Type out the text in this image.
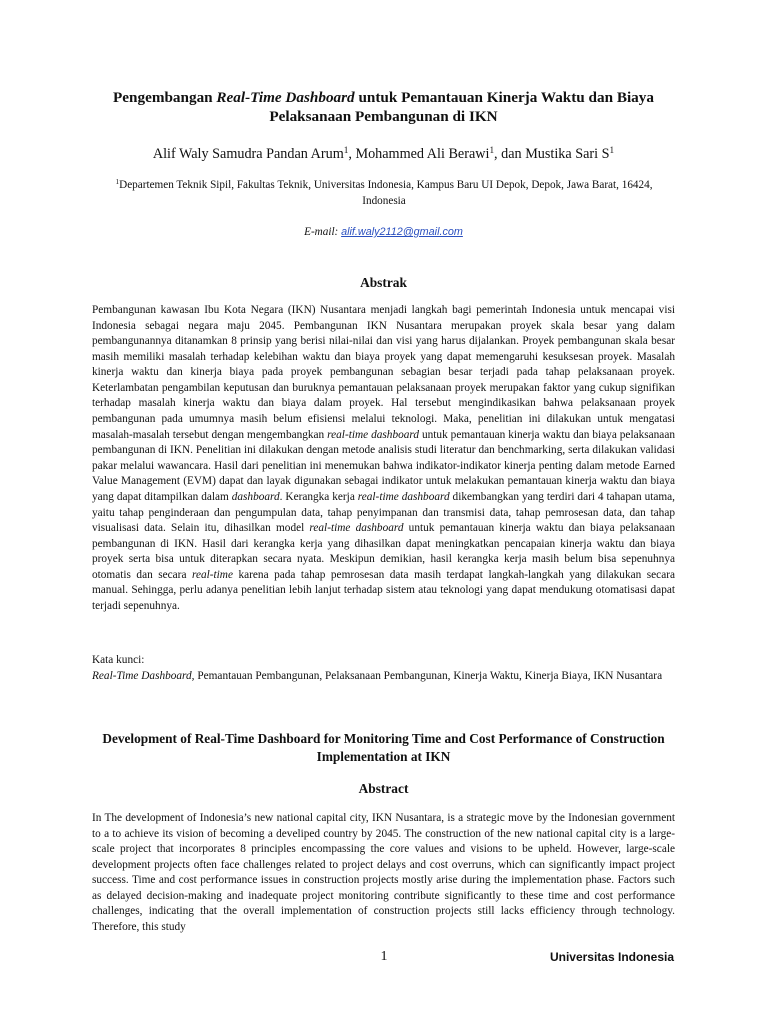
Pengembangan Real-Time Dashboard untuk Pemantauan Kinerja Waktu dan Biaya Pelaksanaan Pembangunan di IKN
Alif Waly Samudra Pandan Arum$^1$, Mohammed Ali Berawi$^1$, dan Mustika Sari $S^1$
$^1$Departemen Teknik Sipil, Fakultas Teknik, Universitas Indonesia, Kampus Baru UI Depok, Depok, Jawa Barat, 16424, Indonesia
E-mail: alif.waly2112@gmail.com
Abstrak
Pembangunan kawasan Ibu Kota Negara (IKN) Nusantara menjadi langkah bagi pemerintah Indonesia untuk mencapai visi Indonesia sebagai negara maju 2045. Pembangunan IKN Nusantara merupakan proyek skala besar yang dalam pembangunannya ditanamkan 8 prinsip yang berisi nilai-nilai dan visi yang harus dijalankan. Proyek pembangunan skala besar masih memiliki masalah terhadap kelebihan waktu dan biaya proyek yang dapat memengaruhi kesuksesan proyek. Masalah kinerja waktu dan kinerja biaya pada proyek pembangunan sebagian besar terjadi pada tahap pelaksanaan proyek. Keterlambatan pengambilan keputusan dan buruknya pemantauan pelaksanaan proyek merupakan faktor yang cukup signifikan terhadap masalah kinerja waktu dan biaya dalam proyek. Hal tersebut mengindikasikan bahwa pelaksanaan proyek pembangunan pada umumnya masih belum efisiensi melalui teknologi. Maka, penelitian ini dilakukan untuk mengatasi masalah-masalah tersebut dengan mengembangkan real-time dashboard untuk pemantauan kinerja waktu dan biaya pelaksanaan pembangunan di IKN. Penelitian ini dilakukan dengan metode analisis studi literatur dan benchmarking, serta dilakukan validasi pakar melalui wawancara. Hasil dari penelitian ini menemukan bahwa indikator-indikator kinerja penting dalam metode Earned Value Management (EVM) dapat dan layak digunakan sebagai indikator untuk melakukan pemantauan kinerja waktu dan biaya yang dapat ditampilkan dalam dashboard. Kerangka kerja real-time dashboard dikembangkan yang terdiri dari 4 tahapan utama, yaitu tahap penginderaan dan pengumpulan data, tahap penyimpanan dan transmisi data, tahap pemrosesan data, dan tahap visualisasi data. Selain itu, dihasilkan model real-time dashboard untuk pemantauan kinerja waktu dan biaya pelaksanaan pembangunan di IKN. Hasil dari kerangka kerja yang dihasilkan dapat meningkatkan pencapaian kinerja waktu dan biaya proyek serta bisa untuk diterapkan secara nyata. Meskipun demikian, hasil kerangka kerja masih belum bisa sepenuhnya otomatis dan secara real-time karena pada tahap pemrosesan data masih terdapat langkah-langkah yang dilakukan secara manual. Sehingga, perlu adanya penelitian lebih lanjut terhadap sistem atau teknologi yang dapat mendukung otomatisasi dapat terjadi sepenuhnya.
Kata kunci:
Real-Time Dashboard, Pemantauan Pembangunan, Pelaksanaan Pembangunan, Kinerja Waktu, Kinerja Biaya, IKN Nusantara
Development of Real-Time Dashboard for Monitoring Time and Cost Performance of Construction Implementation at IKN
Abstract
In The development of Indonesia’s new national capital city, IKN Nusantara, is a strategic move by the Indonesian government to a to achieve its vision of becoming a develiped country by 2045. The construction of the new national capital city is a large-scale project that incorporates 8 principles encompassing the core values and visions to be upheld. However, large-scale development projects often face challenges related to project delays and cost overruns, which can significantly impact project success. Time and cost performance issues in construction projects mostly arise during the implementation phase. Factors such as delayed decision-making and inadequate project monitoring contribute significantly to these time and cost performance challenges, indicating that the overall implementation of construction projects still lacks efficiency through technology. Therefore, this study
1	Universitas Indonesia
